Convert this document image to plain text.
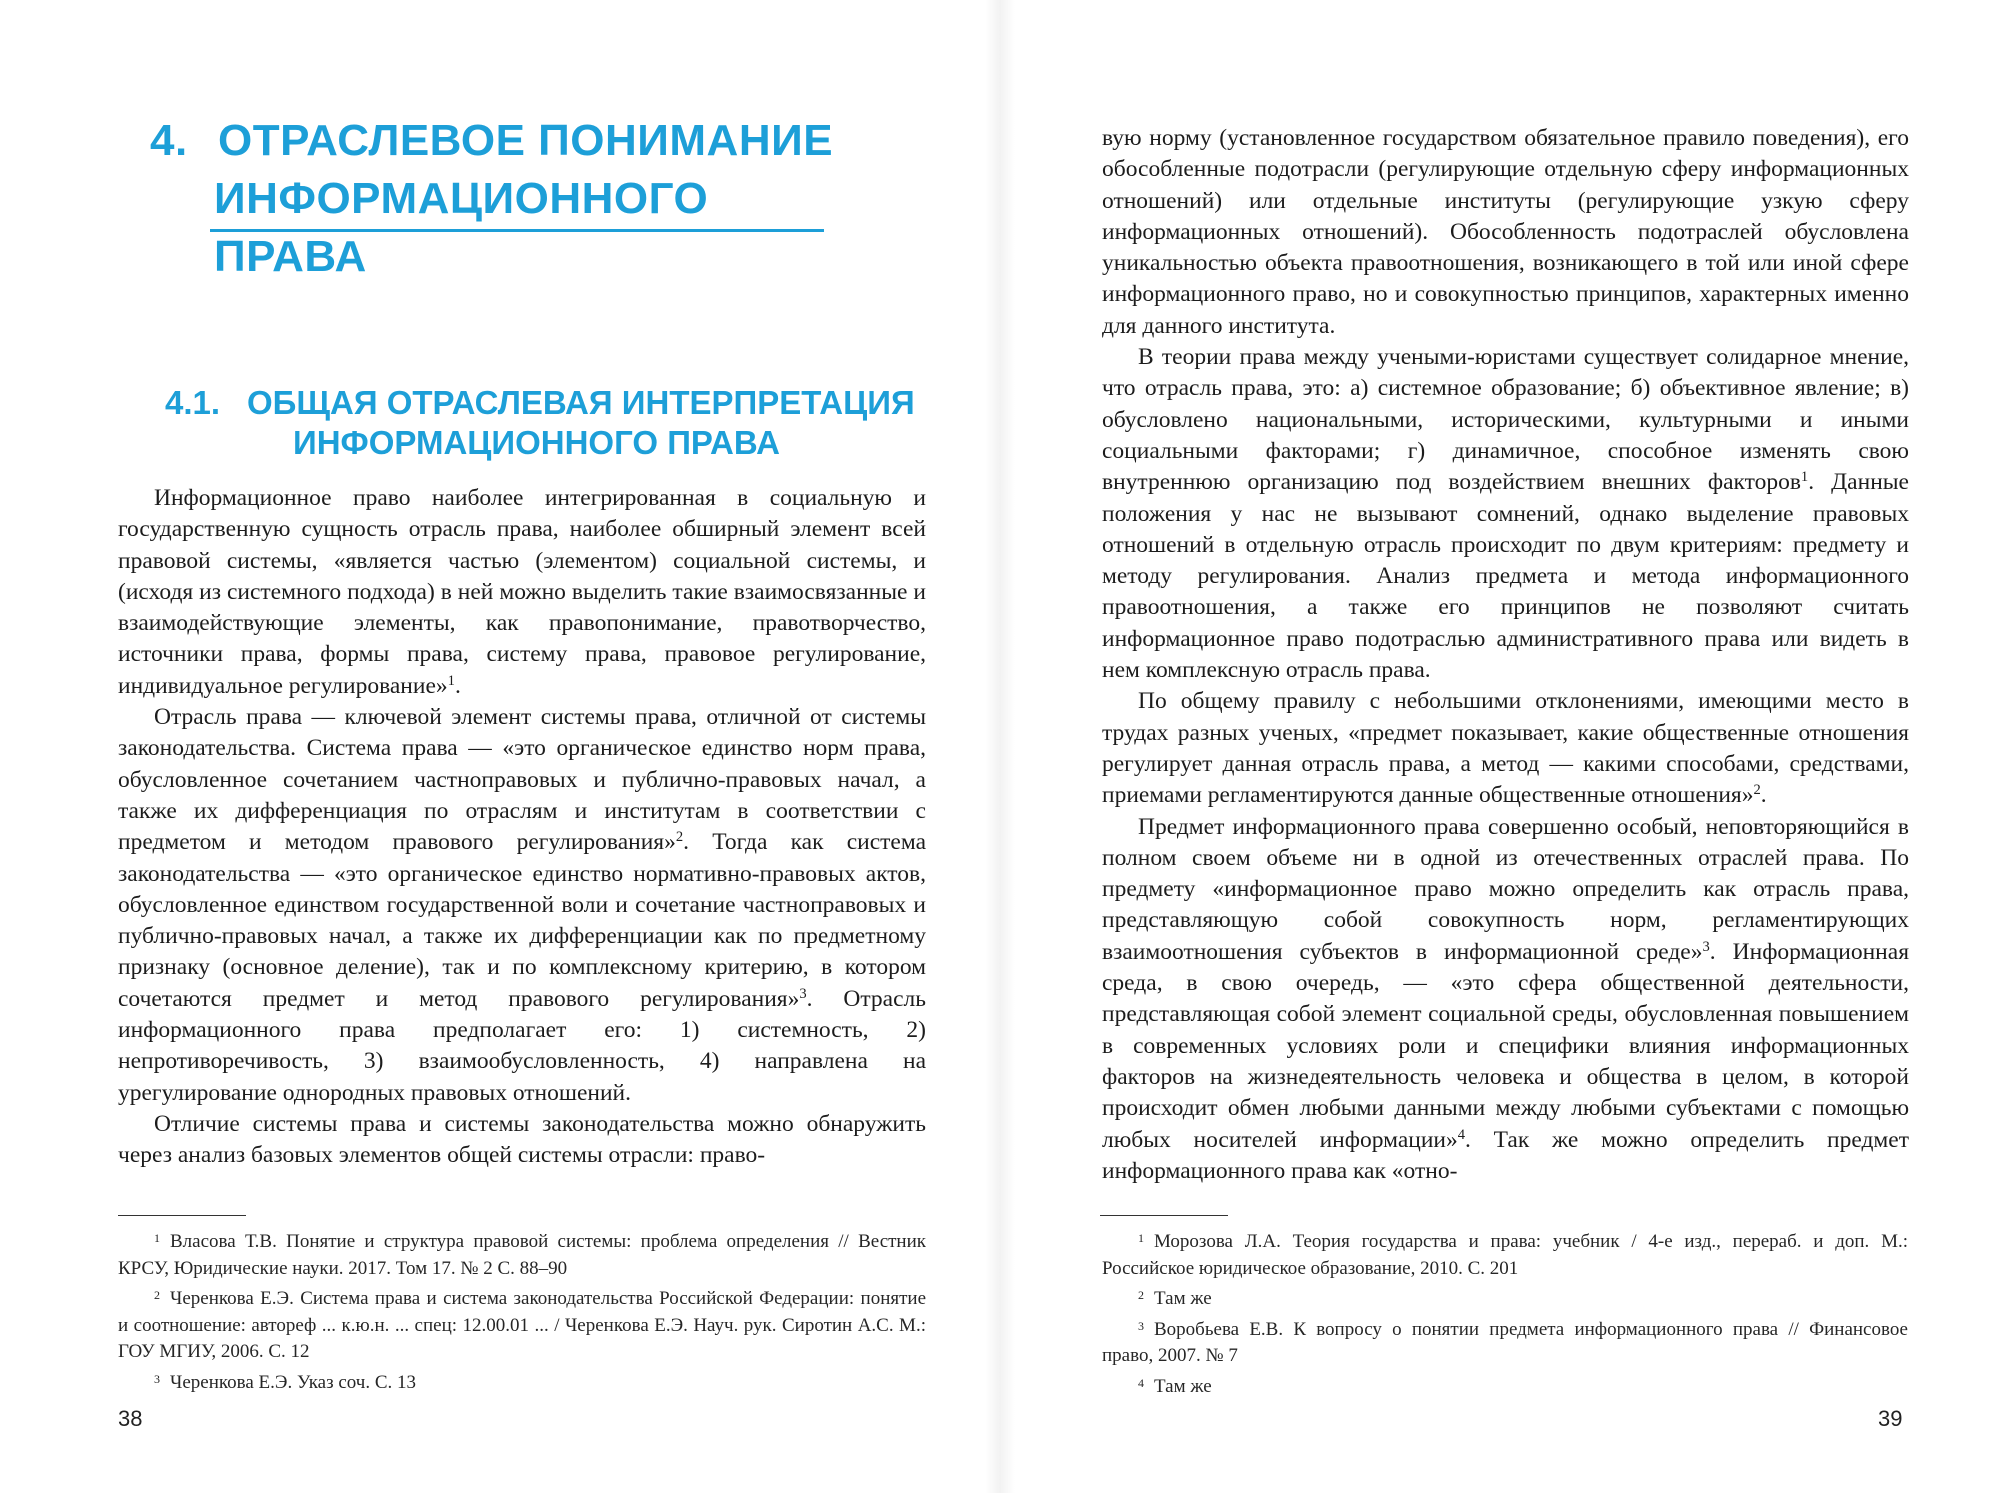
4. ОТРАСЛЕВОЕ ПОНИМАНИЕ
ИНФОРМАЦИОННОГО ПРАВА
4.1. ОБЩАЯ ОТРАСЛЕВАЯ ИНТЕРПРЕТАЦИЯ
ИНФОРМАЦИОННОГО ПРАВА

Информационное право наиболее интегрированная в социальную и государственную сущность отрасль права, наиболее обширный элемент всей правовой системы, «является частью (элементом) социальной системы, и (исходя из системного подхода) в ней можно выделить такие взаимосвязанные и взаимодействующие элементы, как правопонимание, правотворчество, источники права, формы права, систему права, правовое регулирование, индивидуальное регулирование»$^1$.

Отрасль права — ключевой элемент системы права, отличной от системы законодательства. Система права — «это органическое единство норм права, обусловленное сочетанием частноправовых и публично-правовых начал, а также их дифференциация по отраслям и институтам в соответствии с предметом и методом правового регулирования»$^2$. Тогда как система законодательства — «это органическое единство нормативно-правовых актов, обусловленное единством государственной воли и сочетание частноправовых и публично-правовых начал, а также их дифференциации как по предметному признаку (основное деление), так и по комплексному критерию, в котором сочетаются предмет и метод правового регулирования»$^3$. Отрасль информационного права предполагает его: 1) системность, 2) непротиворечивость, 3) взаимообусловленность, 4) направлена на урегулирование однородных правовых отношений.

Отличие системы права и системы законодательства можно обнаружить через анализ базовых элементов общей системы отрасли: право-

$^1$ Власова Т.В. Понятие и структура правовой системы: проблема определения // Вестник КРСУ, Юридические науки. 2017. Том 17. № 2 С. 88–90

$^2$ Черенкова Е.Э. Система права и система законодательства Российской Федерации: понятие и соотношение: автореф ... к.ю.н. ... спец: 12.00.01 ... / Черенкова Е.Э. Науч. рук. Сиротин А.С. М.: ГОУ МГИУ, 2006. С. 12

$^3$ Черенкова Е.Э. Указ соч. С. 13

38

вую норму (установленное государством обязательное правило поведения), его обособленные подотрасли (регулирующие отдельную сферу информационных отношений) или отдельные институты (регулирующие узкую сферу информационных отношений). Обособленность подотраслей обусловлена уникальностью объекта правоотношения, возникающего в той или иной сфере информационного право, но и совокупностью принципов, характерных именно для данного института.

В теории права между учеными-юристами существует солидарное мнение, что отрасль права, это: а) системное образование; б) объективное явление; в) обусловлено национальными, историческими, культурными и иными социальными факторами; г) динамичное, способное изменять свою внутреннюю организацию под воздействием внешних факторов$^1$. Данные положения у нас не вызывают сомнений, однако выделение правовых отношений в отдельную отрасль происходит по двум критериям: предмету и методу регулирования. Анализ предмета и метода информационного правоотношения, а также его принципов не позволяют считать информационное право подотраслью административного права или видеть в нем комплексную отрасль права.

По общему правилу с небольшими отклонениями, имеющими место в трудах разных ученых, «предмет показывает, какие общественные отношения регулирует данная отрасль права, а метод — какими способами, средствами, приемами регламентируются данные общественные отношения»$^2$.

Предмет информационного права совершенно особый, неповторяющийся в полном своем объеме ни в одной из отечественных отраслей права. По предмету «информационное право можно определить как отрасль права, представляющую собой совокупность норм, регламентирующих взаимоотношения субъектов в информационной среде»$^3$. Информационная среда, в свою очередь, — «это сфера общественной деятельности, представляющая собой элемент социальной среды, обусловленная повышением в современных условиях роли и специфики влияния информационных факторов на жизнедеятельность человека и общества в целом, в которой происходит обмен любыми данными между любыми субъектами с помощью любых носителей информации»$^4$. Так же можно определить предмет информационного права как «отно-

$^1$ Морозова Л.А. Теория государства и права: учебник / 4-е изд., перераб. и доп. М.: Российское юридическое образование, 2010. С. 201

$^2$ Там же

$^3$ Воробьева Е.В. К вопросу о понятии предмета информационного права // Финансовое право, 2007. № 7

$^4$ Там же

39
